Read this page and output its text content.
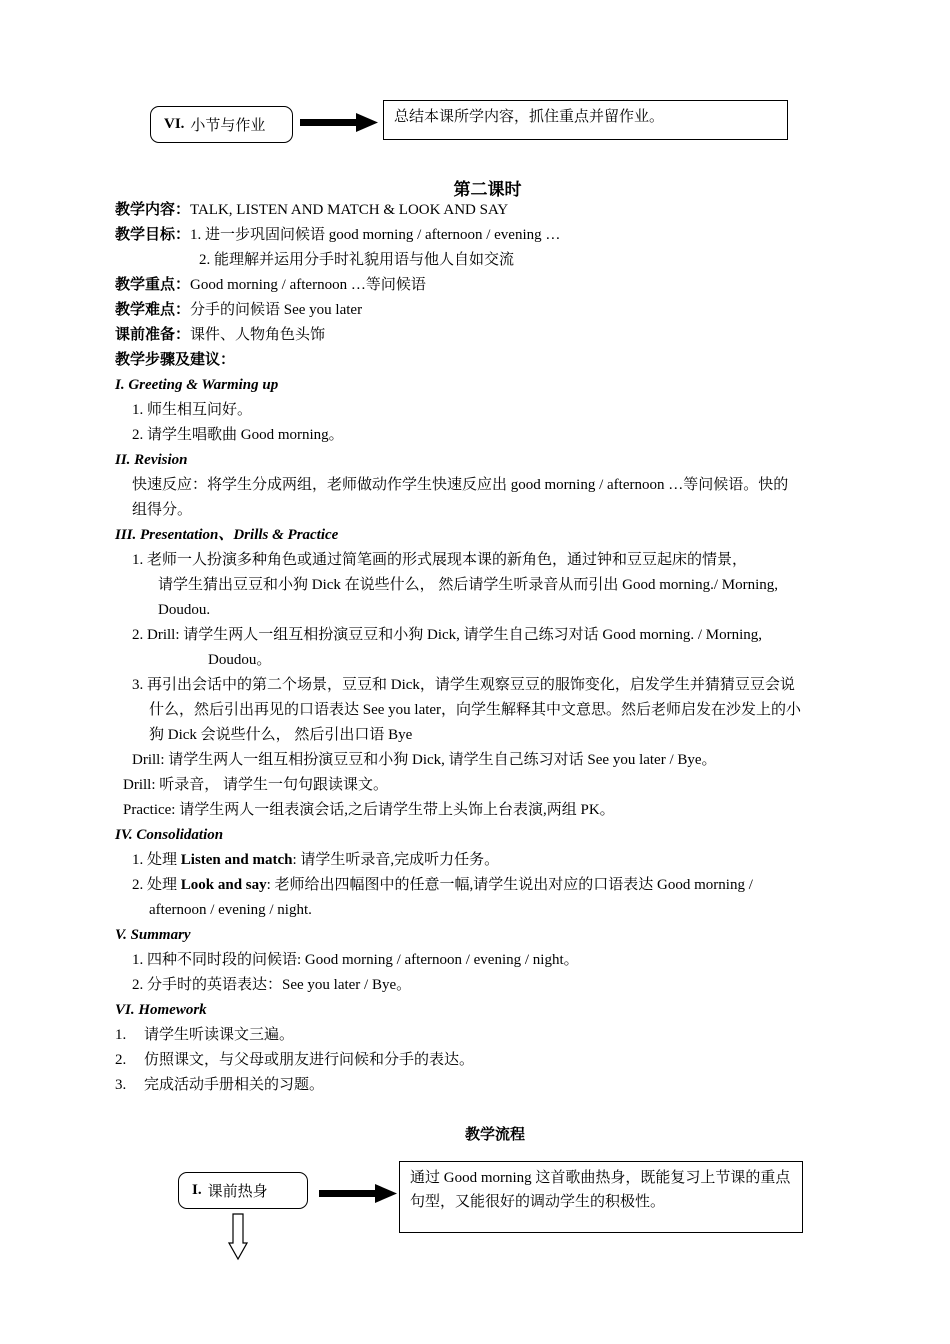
VI. 小节与作业
总结本课所学内容，抓住重点并留作业。
第二课时
教学内容：TALK, LISTEN AND MATCH & LOOK AND SAY
教学目标：1. 进一步巩固问候语 good morning / afternoon / evening …
2. 能理解并运用分手时礼貌用语与他人自如交流
教学重点：Good morning / afternoon …等问候语
教学难点：分手的问候语 See you later
课前准备：课件、人物角色头饰
教学步骤及建议：
I. Greeting & Warming up
1. 师生相互问好。
2. 请学生唱歌曲 Good morning。
II. Revision
快速反应：将学生分成两组，老师做动作学生快速反应出 good morning / afternoon …等问候语。快的
组得分。
III. Presentation、Drills & Practice
1. 老师一人扮演多种角色或通过简笔画的形式展现本课的新角色，通过钟和豆豆起床的情景，
请学生猜出豆豆和小狗 Dick 在说些什么， 然后请学生听录音从而引出 Good morning./ Morning,
Doudou.
2. Drill: 请学生两人一组互相扮演豆豆和小狗 Dick, 请学生自己练习对话 Good morning. / Morning,
Doudou。
3. 再引出会话中的第二个场景，豆豆和 Dick，请学生观察豆豆的服饰变化，启发学生并猜猜豆豆会说
什么，然后引出再见的口语表达 See you later，向学生解释其中文意思。然后老师启发在沙发上的小
狗 Dick 会说些什么， 然后引出口语 Bye
Drill: 请学生两人一组互相扮演豆豆和小狗 Dick, 请学生自己练习对话 See you later / Bye。
Drill: 听录音， 请学生一句句跟读课文。
Practice: 请学生两人一组表演会话,之后请学生带上头饰上台表演,两组 PK。
IV. Consolidation
1. 处理 Listen and match: 请学生听录音,完成听力任务。
2. 处理 Look and say: 老师给出四幅图中的任意一幅,请学生说出对应的口语表达 Good morning /
afternoon / evening / night.
V. Summary
1. 四种不同时段的问候语: Good morning / afternoon / evening / night。
2. 分手时的英语表达：See you later / Bye。
VI. Homework
1. 请学生听读课文三遍。
2. 仿照课文，与父母或朋友进行问候和分手的表达。
3. 完成活动手册相关的习题。
教学流程
I. 课前热身
通过 Good morning 这首歌曲热身，既能复习上节课的重点句型，又能很好的调动学生的积极性。
